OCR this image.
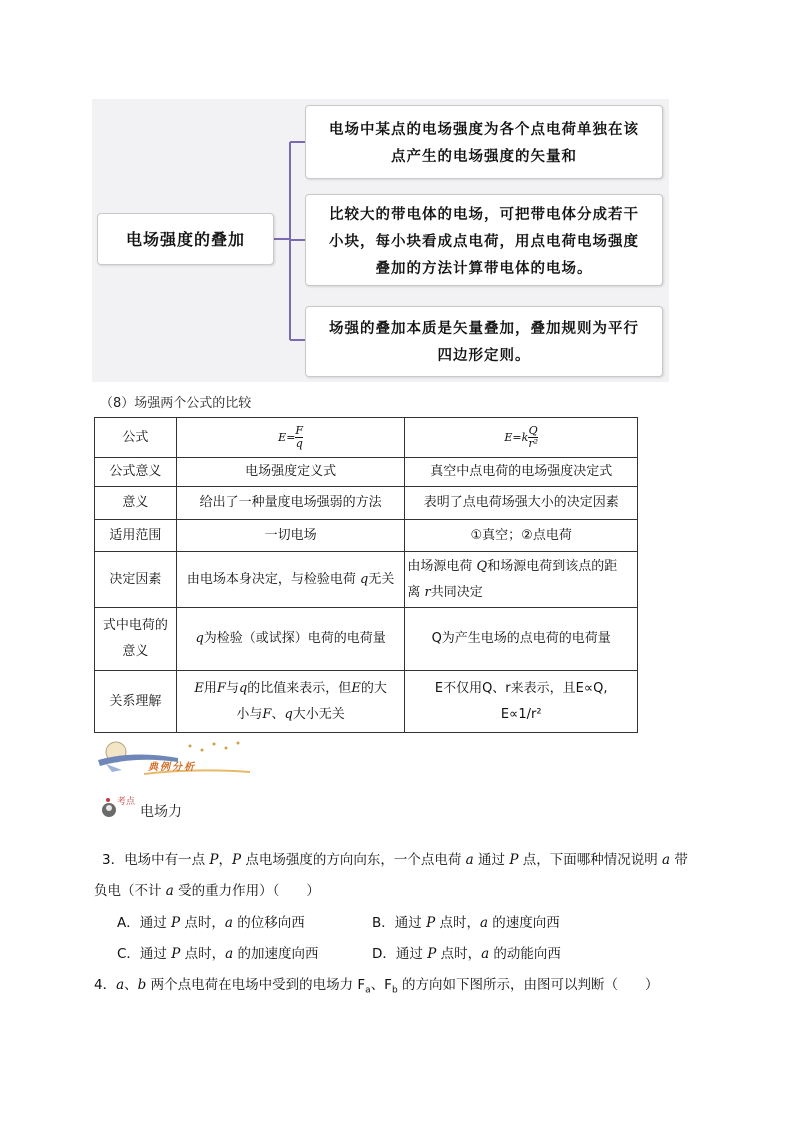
电场强度的叠加
电场中某点的电场强度为各个点电荷单独在该
点产生的电场强度的矢量和
比较大的带电体的电场，可把带电体分成若干
小块，每小块看成点电荷，用点电荷电场强度
叠加的方法计算带电体的电场。
场强的叠加本质是矢量叠加，叠加规则为平行
四边形定则。
（8）场强两个公式的比较
公式	$E= \frac{F}{q}$	$E=k \frac{Q}{\text{r²}}$

公式意义	电场强度定义式	真空中点电荷的电场强度决定式
意义	给出了一种量度电场强弱的方法	表明了点电荷场强大小的决定因素
适用范围	一切电场	①真空；②点电荷
决定因素	由电场本身决定，与检验电荷 q无关	由场源电荷 Q和场源电荷到该点的距
离 r共同决定
式中电荷的
意义	q为检验（或试探）电荷的电荷量	Q为产生电场的点电荷的电荷量
关系理解	E用F与q的比值来表示，但E的大
小与F、q大小无关	E不仅用Q、r来表示，且E∝Q,
E∝1/r²
典例分析
考点
电场力
3．电场中有一点 P，P 点电场强度的方向向东，一个点电荷 a 通过 P 点，下面哪种情况说明 a 带
负电（不计 a 受的重力作用）（　　）
A．通过 P 点时，a 的位移向西	B．通过 P 点时，a 的速度向西
C．通过 P 点时，a 的加速度向西	D．通过 P 点时，a 的动能向西
4．a、b 两个点电荷在电场中受到的电场力 $F_a$、$F_b$ 的方向如下图所示，由图可以判断（　　）
